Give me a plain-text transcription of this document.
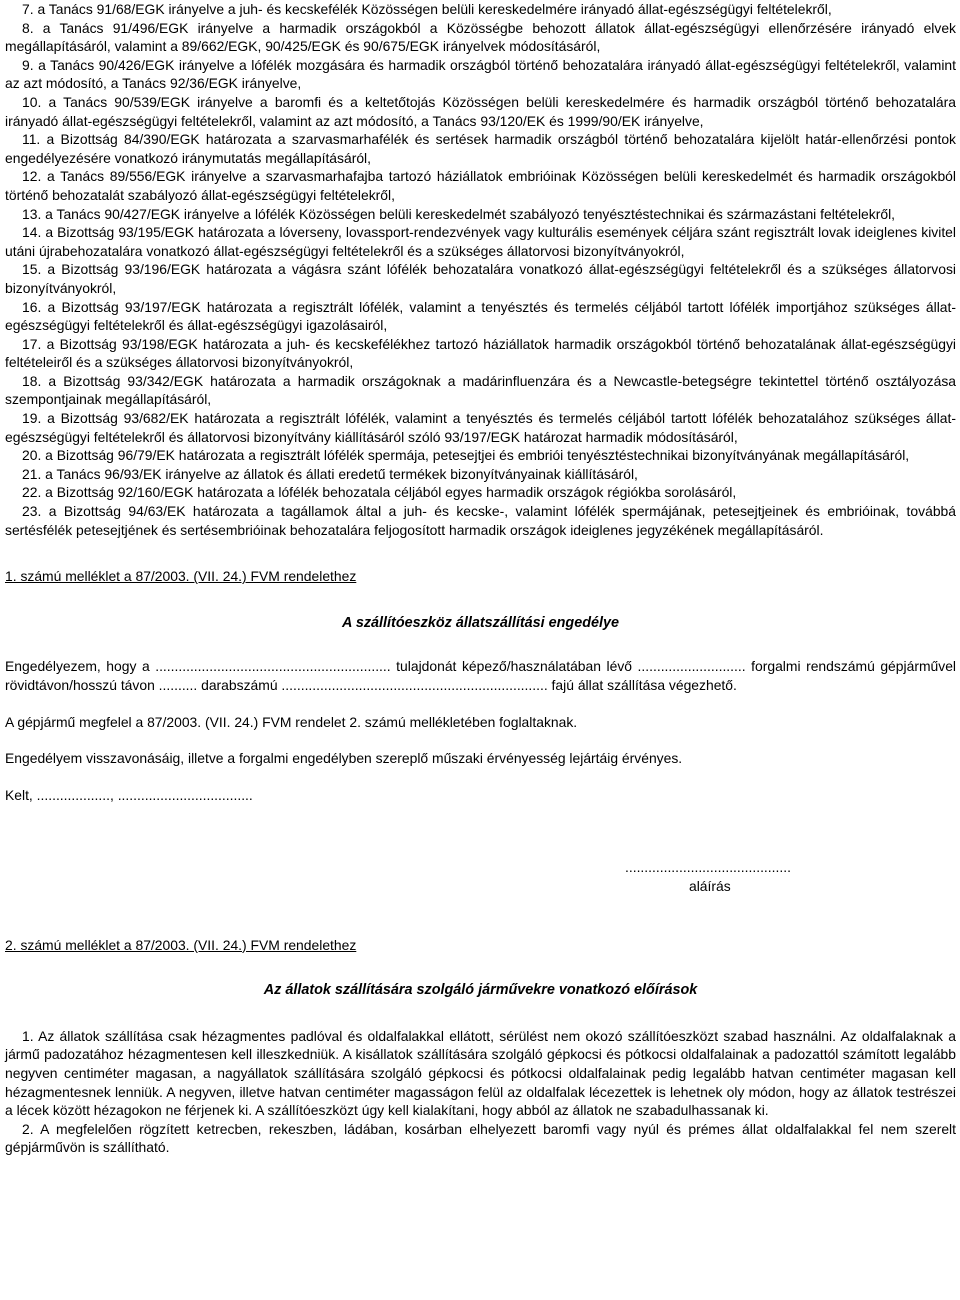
7. a Tanács 91/68/EGK irányelve a juh- és kecskefélék Közösségen belüli kereskedelmére irányadó állat-egészségügyi feltételekről,

8. a Tanács 91/496/EGK irányelve a harmadik országokból a Közösségbe behozott állatok állat-egészségügyi ellenőrzésére irányadó elvek megállapításáról, valamint a 89/662/EGK, 90/425/EGK és 90/675/EGK irányelvek módosításáról,

9. a Tanács 90/426/EGK irányelve a lófélék mozgására és harmadik országból történő behozatalára irányadó állat-egészségügyi feltételekről, valamint az azt módosító, a Tanács 92/36/EGK irányelve,

10. a Tanács 90/539/EGK irányelve a baromfi és a keltetőtojás Közösségen belüli kereskedelmére és harmadik országból történő behozatalára irányadó állat-egészségügyi feltételekről, valamint az azt módosító, a Tanács 93/120/EK és 1999/90/EK irányelve,

11. a Bizottság 84/390/EGK határozata a szarvasmarhafélék és sertések harmadik országból történő behozatalára kijelölt határ-ellenőrzési pontok engedélyezésére vonatkozó iránymutatás megállapításáról,

12. a Tanács 89/556/EGK irányelve a szarvasmarhafajba tartozó háziállatok embrióinak Közösségen belüli kereskedelmét és harmadik országokból történő behozatalát szabályozó állat-egészségügyi feltételekről,

13. a Tanács 90/427/EGK irányelve a lófélék Közösségen belüli kereskedelmét szabályozó tenyésztéstechnikai és származástani feltételekről,

14. a Bizottság 93/195/EGK határozata a lóverseny, lovassport-rendezvények vagy kulturális események céljára szánt regisztrált lovak ideiglenes kivitel utáni újrabehozatalára vonatkozó állat-egészségügyi feltételekről és a szükséges állatorvosi bizonyítványokról,

15. a Bizottság 93/196/EGK határozata a vágásra szánt lófélék behozatalára vonatkozó állat-egészségügyi feltételekről és a szükséges állatorvosi bizonyítványokról,

16. a Bizottság 93/197/EGK határozata a regisztrált lófélék, valamint a tenyésztés és termelés céljából tartott lófélék importjához szükséges állat-egészségügyi feltételekről és állat-egészségügyi igazolásairól,

17. a Bizottság 93/198/EGK határozata a juh- és kecskefélékhez tartozó háziállatok harmadik országokból történő behozatalának állat-egészségügyi feltételeiről és a szükséges állatorvosi bizonyítványokról,

18. a Bizottság 93/342/EGK határozata a harmadik országoknak a madárinfluenzára és a Newcastle-betegségre tekintettel történő osztályozása szempontjainak megállapításáról,

19. a Bizottság 93/682/EK határozata a regisztrált lófélék, valamint a tenyésztés és termelés céljából tartott lófélék behozatalához szükséges állat-egészségügyi feltételekről és állatorvosi bizonyítvány kiállításáról szóló 93/197/EGK határozat harmadik módosításáról,

20. a Bizottság 96/79/EK határozata a regisztrált lófélék spermája, petesejtjei és embriói tenyésztéstechnikai bizonyítványának megállapításáról,

21. a Tanács 96/93/EK irányelve az állatok és állati eredetű termékek bizonyítványainak kiállításáról,

22. a Bizottság 92/160/EGK határozata a lófélék behozatala céljából egyes harmadik országok régiókba sorolásáról,

23. a Bizottság 94/63/EK határozata a tagállamok által a juh- és kecske-, valamint lófélék spermájának, petesejtjeinek és embrióinak, továbbá sertésfélék petesejtjének és sertésembrióinak behozatalára feljogosított harmadik országok ideiglenes jegyzékének megállapításáról.

1. számú melléklet a 87/2003. (VII. 24.) FVM rendelethez

A szállítóeszköz állatszállítási engedélye

Engedélyezem, hogy a ............................................................. tulajdonát képező/használatában lévő ............................ forgalmi rendszámú gépjárművel rövidtávon/hosszú távon .......... darabszámú ..................................................................... fajú állat szállítása végezhető.

A gépjármű megfelel a 87/2003. (VII. 24.) FVM rendelet 2. számú mellékletében foglaltaknak.

Engedélyem visszavonásáig, illetve a forgalmi engedélyben szereplő műszaki érvényesség lejártáig érvényes.

Kelt, ..................., ...................................

...........................................

aláírás

2. számú melléklet a 87/2003. (VII. 24.) FVM rendelethez

Az állatok szállítására szolgáló járművekre vonatkozó előírások

1. Az állatok szállítása csak hézagmentes padlóval és oldalfalakkal ellátott, sérülést nem okozó szállítóeszközt szabad használni. Az oldalfalaknak a jármű padozatához hézagmentesen kell illeszkedniük. A kisállatok szállítására szolgáló gépkocsi és pótkocsi oldalfalainak a padozattól számított legalább negyven centiméter magasan, a nagyállatok szállítására szolgáló gépkocsi és pótkocsi oldalfalainak pedig legalább hatvan centiméter magasan kell hézagmentesnek lenniük. A negyven, illetve hatvan centiméter magasságon felül az oldalfalak lécezettek is lehetnek oly módon, hogy az állatok testrészei a lécek között hézagokon ne férjenek ki. A szállítóeszközt úgy kell kialakítani, hogy abból az állatok ne szabadulhassanak ki.

2. A megfelelően rögzített ketrecben, rekeszben, ládában, kosárban elhelyezett baromfi vagy nyúl és prémes állat oldalfalakkal fel nem szerelt gépjárművön is szállítható.
